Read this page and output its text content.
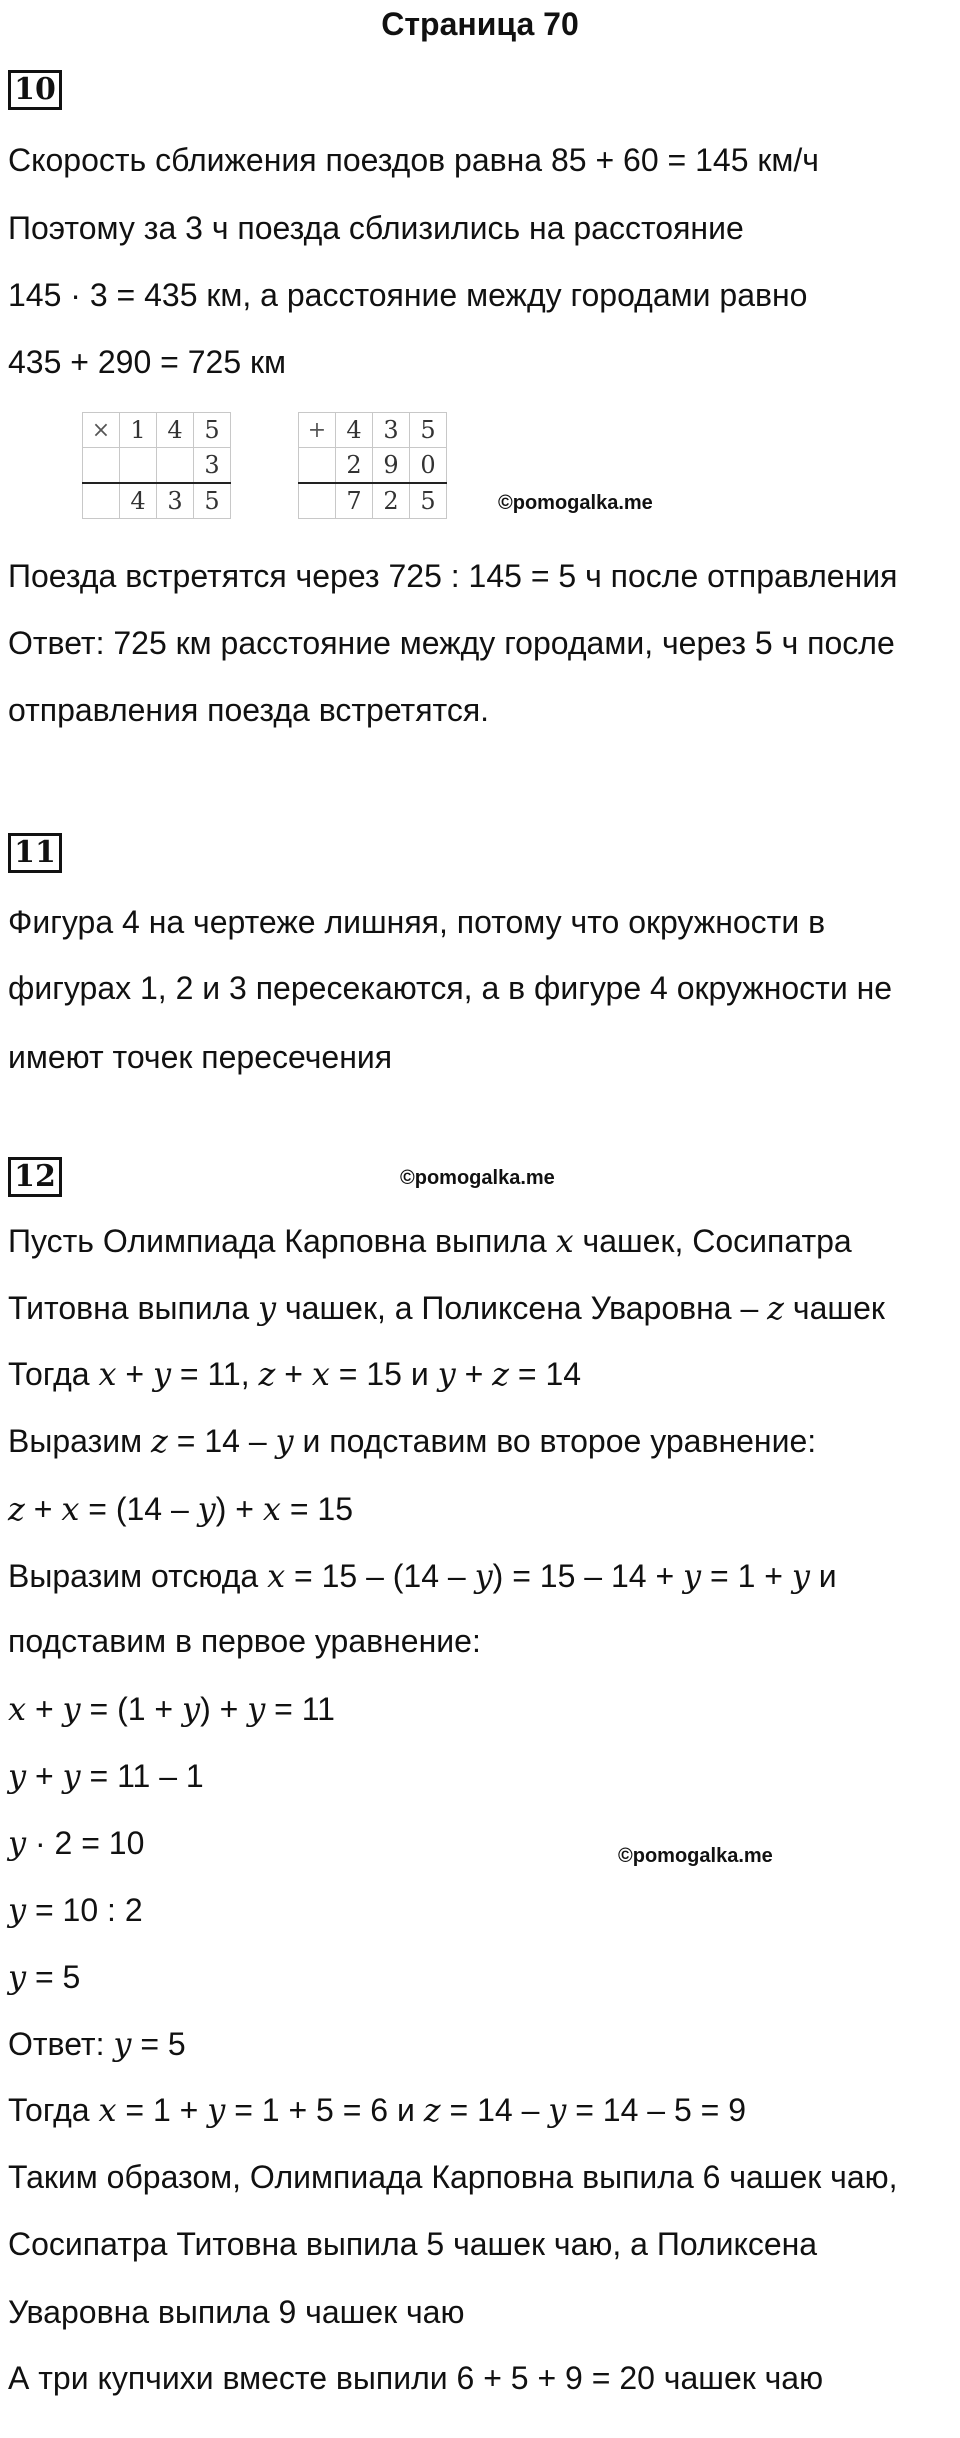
Страница 70
10
Скорость сближения поездов равна 85 + 60 = 145 км/ч
Поэтому за 3 ч поезда сблизились на расстояние
145 · 3 = 435 км, а расстояние между городами равно
435 + 290 = 725 км
×	1	4	5
			3
	4	3	5
+	4	3	5
	2	9	0
	7	2	5	©pomogalka.me
Поезда встретятся через 725 : 145 = 5 ч после отправления
Ответ: 725 км расстояние между городами, через 5 ч после
отправления поезда встретятся.
11
Фигура 4 на чертеже лишняя, потому что окружности в
фигурах 1, 2 и 3 пересекаются, а в фигуре 4 окружности не
имеют точек пересечения
12	©pomogalka.me
Пусть Олимпиада Карповна выпила x чашек, Сосипатра
Титовна выпила y чашек, а Поликсена Уваровна – z чашек
Тогда x + y = 11, z + x = 15 и y + z = 14
Выразим z = 14 – y и подставим во второе уравнение:
z + x = (14 – y) + x = 15
Выразим отсюда x = 15 – (14 – y) = 15 – 14 + y = 1 + y и
подставим в первое уравнение:
x + y = (1 + y) + y = 11
y + y = 11 – 1
y · 2 = 10
y = 10 : 2
y = 5
Ответ: y = 5
Тогда x = 1 + y = 1 + 5 = 6 и z = 14 – y = 14 – 5 = 9
Таким образом, Олимпиада Карповна выпила 6 чашек чаю,
Сосипатра Титовна выпила 5 чашек чаю, а Поликсена
Уваровна выпила 9 чашек чаю
А три купчихи вместе выпили 6 + 5 + 9 = 20 чашек чаю
©pomogalka.me
